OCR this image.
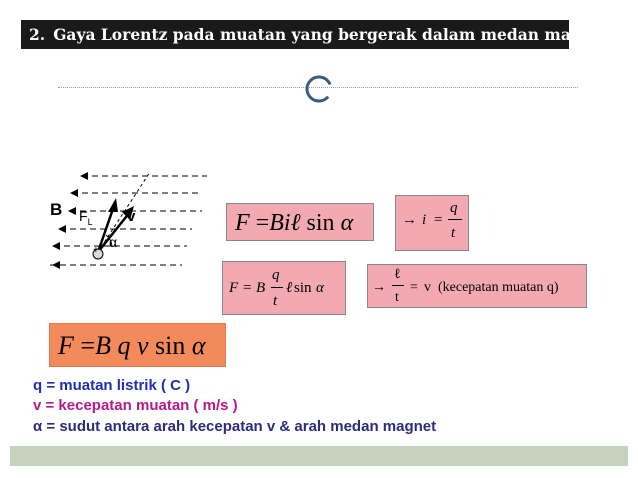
2. Gaya Lorentz pada muatan yang bergerak dalam medan magnet
B $F_L$ v
α
+
F =Biℓ sin α	→ i =
q
t
F = B
q
t
ℓ sin α	→
ℓ
t
= v (kecepatan muatan q)
F =B q v sin α
q = muatan listrik ( C )
v = kecepatan muatan ( m/s )
α = sudut antara arah kecepatan v & arah medan magnet
